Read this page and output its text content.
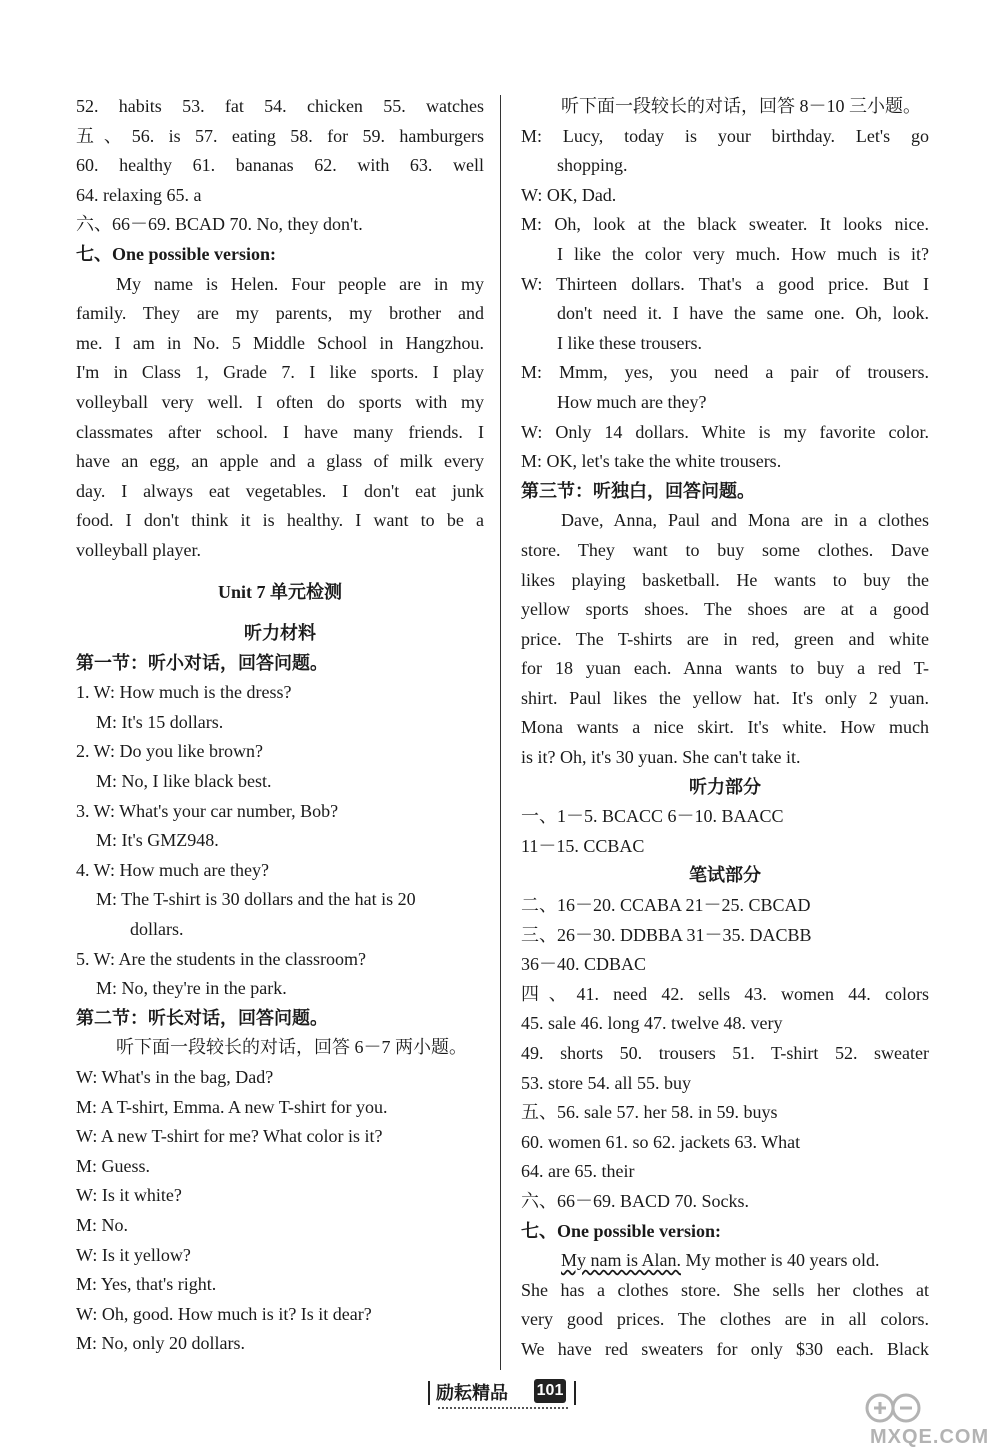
52. habits 53. fat 54. chicken 55. watches
五、56. is 57. eating 58. for 59. hamburgers
60. healthy 61. bananas 62. with 63. well
64. relaxing 65. a
六、66－69. BCAD 70. No, they don't.
七、One possible version:
My name is Helen. Four people are in my
family. They are my parents, my brother and
me. I am in No. 5 Middle School in Hangzhou.
I'm in Class 1, Grade 7. I like sports. I play
volleyball very well. I often do sports with my
classmates after school. I have many friends. I
have an egg, an apple and a glass of milk every
day. I always eat vegetables. I don't eat junk
food. I don't think it is healthy. I want to be a
volleyball player.
Unit 7 单元检测
听力材料
第一节：听小对话，回答问题。
1. W: How much is the dress?
M: It's 15 dollars.
2. W: Do you like brown?
M: No, I like black best.
3. W: What's your car number, Bob?
M: It's GMZ948.
4. W: How much are they?
M: The T-shirt is 30 dollars and the hat is 20
dollars.
5. W: Are the students in the classroom?
M: No, they're in the park.
第二节：听长对话，回答问题。
听下面一段较长的对话，回答 6－7 两小题。
W: What's in the bag, Dad?
M: A T-shirt, Emma. A new T-shirt for you.
W: A new T-shirt for me? What color is it?
M: Guess.
W: Is it white?
M: No.
W: Is it yellow?
M: Yes, that's right.
W: Oh, good. How much is it? Is it dear?
M: No, only 20 dollars.
听下面一段较长的对话，回答 8－10 三小题。
M: Lucy, today is your birthday. Let's go
shopping.
W: OK, Dad.
M: Oh, look at the black sweater. It looks nice.
I like the color very much. How much is it?
W: Thirteen dollars. That's a good price. But I
don't need it. I have the same one. Oh, look.
I like these trousers.
M: Mmm, yes, you need a pair of trousers.
How much are they?
W: Only 14 dollars. White is my favorite color.
M: OK, let's take the white trousers.
第三节：听独白，回答问题。
Dave, Anna, Paul and Mona are in a clothes
store. They want to buy some clothes. Dave
likes playing basketball. He wants to buy the
yellow sports shoes. The shoes are at a good
price. The T-shirts are in red, green and white
for 18 yuan each. Anna wants to buy a red T-
shirt. Paul likes the yellow hat. It's only 2 yuan.
Mona wants a nice skirt. It's white. How much
is it? Oh, it's 30 yuan. She can't take it.
听力部分
一、1－5. BCACC 6－10. BAACC
11－15. CCBAC
笔试部分
二、16－20. CCABA 21－25. CBCAD
三、26－30. DDBBA 31－35. DACBB
36－40. CDBAC
四、41. need 42. sells 43. women 44. colors
45. sale 46. long 47. twelve 48. very
49. shorts 50. trousers 51. T-shirt 52. sweater
53. store 54. all 55. buy
五、56. sale 57. her 58. in 59. buys
60. women 61. so 62. jackets 63. What
64. are 65. their
六、66－69. BACD 70. Socks.
七、One possible version:
My nam is Alan. My mother is 40 years old.
She has a clothes store. She sells her clothes at
very good prices. The clothes are in all colors.
We have red sweaters for only $30 each. Black
励耘精品 101
MXQE.COM
